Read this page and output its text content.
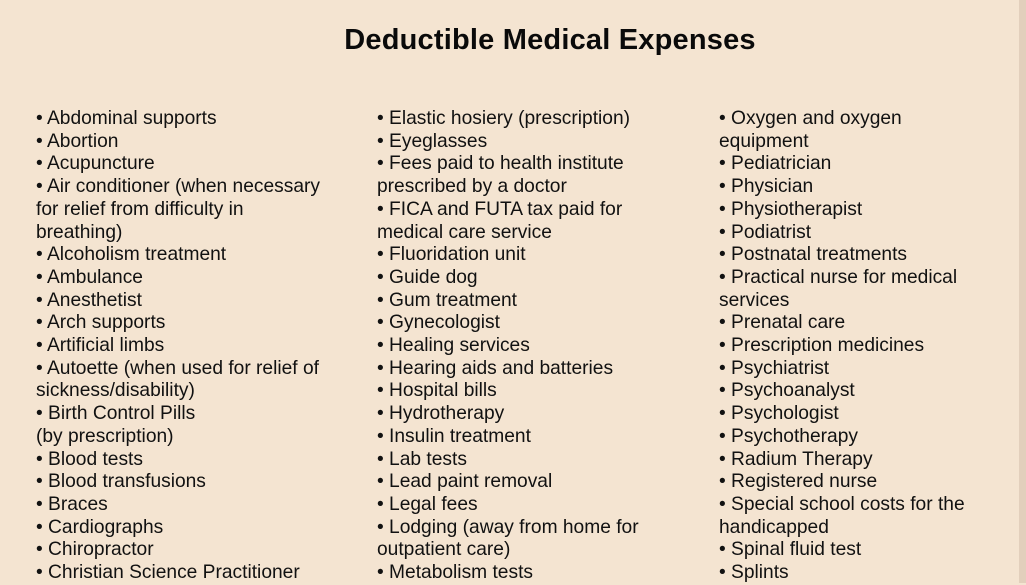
Deductible Medical Expenses
• Abdominal supports
• Abortion
• Acupuncture
• Air conditioner (when necessary
for relief from difficulty in
breathing)
• Alcoholism treatment
• Ambulance
• Anesthetist
• Arch supports
• Artificial limbs
• Autoette (when used for relief of
sickness/disability)
• Birth Control Pills
(by prescription)
• Blood tests
• Blood transfusions
• Braces
• Cardiographs
• Chiropractor
• Christian Science Practitioner
• Elastic hosiery (prescription)
• Eyeglasses
• Fees paid to health institute
prescribed by a doctor
• FICA and FUTA tax paid for
medical care service
• Fluoridation unit
• Guide dog
• Gum treatment
• Gynecologist
• Healing services
• Hearing aids and batteries
• Hospital bills
• Hydrotherapy
• Insulin treatment
• Lab tests
• Lead paint removal
• Legal fees
• Lodging (away from home for
outpatient care)
• Metabolism tests
• Oxygen and oxygen
equipment
• Pediatrician
• Physician
• Physiotherapist
• Podiatrist
• Postnatal treatments
• Practical nurse for medical
services
• Prenatal care
• Prescription medicines
• Psychiatrist
• Psychoanalyst
• Psychologist
• Psychotherapy
• Radium Therapy
• Registered nurse
• Special school costs for the
handicapped
• Spinal fluid test
• Splints
